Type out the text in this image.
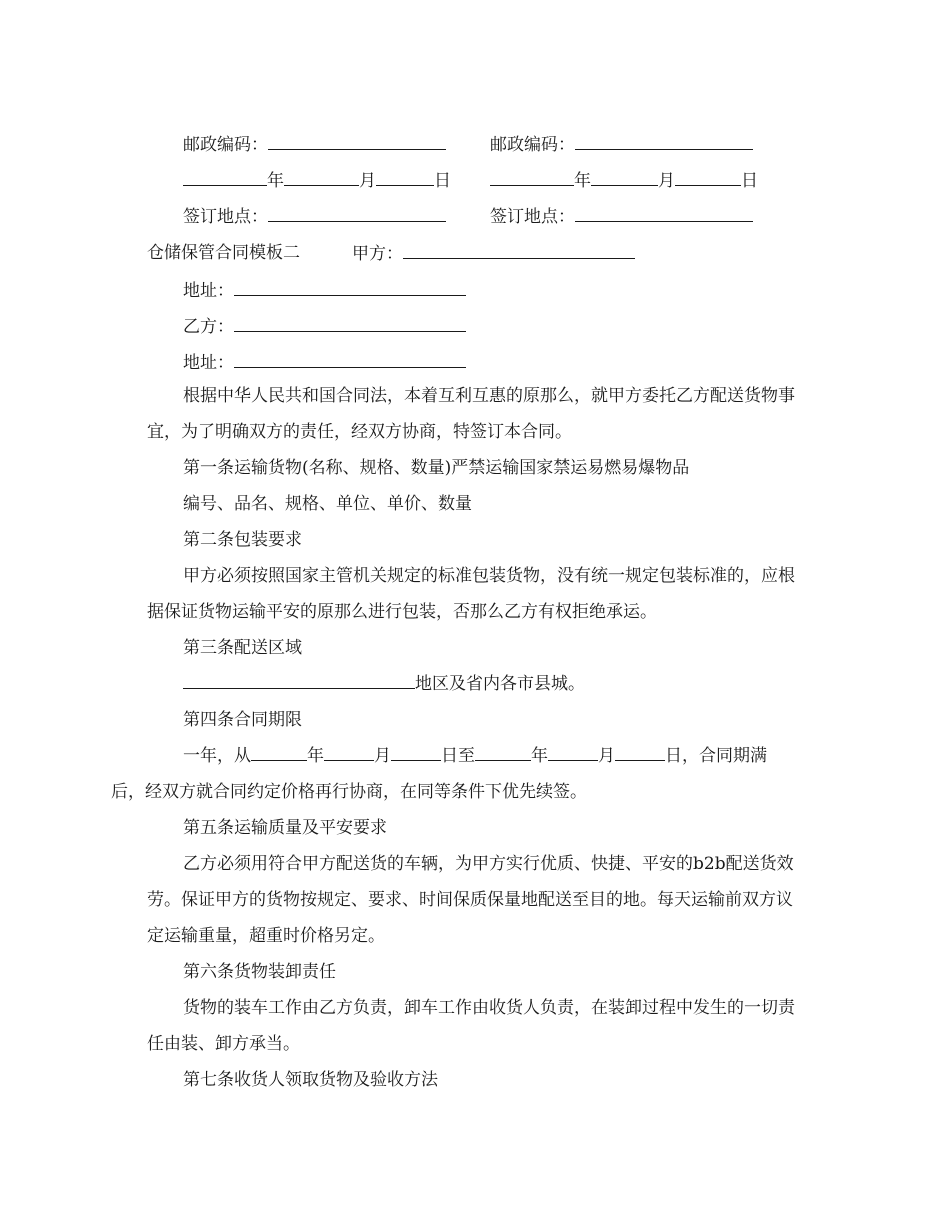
邮政编码：	邮政编码：
年	月	日	年	月	日
签订地点：	签订地点：
仓储保管合同模板二	甲方：
地址：
乙方：
地址：

根据中华人民共和国合同法，本着互利互惠的原那么，就甲方委托乙方配送货物事宜，为了明确双方的责任，经双方协商，特签订本合同。

第一条运输货物(名称、规格、数量)严禁运输国家禁运易燃易爆物品

编号、品名、规格、单位、单价、数量

第二条包装要求

甲方必须按照国家主管机关规定的标准包装货物，没有统一规定包装标准的，应根据保证货物运输平安的原那么进行包装，否那么乙方有权拒绝承运。

第三条配送区域

地区及省内各市县城。

第四条合同期限

一年，从	年	月	日至	年	月	日，合同期满
后，经双方就合同约定价格再行协商，在同等条件下优先续签。

第五条运输质量及平安要求

乙方必须用符合甲方配送货的车辆，为甲方实行优质、快捷、平安的b2b配送货效劳。保证甲方的货物按规定、要求、时间保质保量地配送至目的地。每天运输前双方议定运输重量，超重时价格另定。

第六条货物装卸责任

货物的装车工作由乙方负责，卸车工作由收货人负责，在装卸过程中发生的一切责任由装、卸方承当。

第七条收货人领取货物及验收方法
